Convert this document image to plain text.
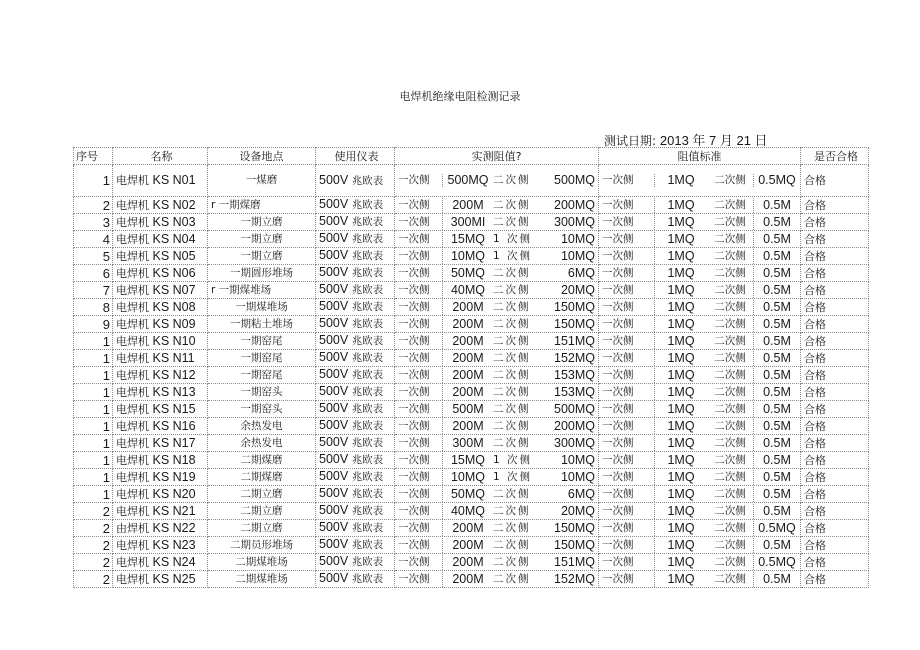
电焊机绝缘电阻检测记录
测试日期: 2013 年 7 月 21 日
序号	名称	设备地点	使用仪表	实测阻值?	阻值标准	是否合格
1	电焊机 KS N01	一煤磨	500V 兆欧表	一次侧 500MQ 二次侧 500MQ	一次侧 1MQ 二次侧 0.5MQ	合格
2	电焊机 KS N02	r 一期煤磨	500V 兆欧表	一次侧 200M 二次侧 200MQ	一次侧 1MQ 二次侧 0.5M	合格
3	电焊机 KS N03	一期立磨	500V 兆欧表	一次侧 300MI 二次侧 300MQ	一次侧 1MQ 二次侧 0.5M	合格
4	电焊机 KS N04	一期立磨	500V 兆欧表	一次侧 15MQ 1 次侧 10MQ	一次侧 1MQ 二次侧 0.5M	合格
5	电焊机 KS N05	一期立磨	500V 兆欧表	一次侧 10MQ 1 次侧 10MQ	一次侧 1MQ 二次侧 0.5M	合格
6	电焊机 KS N06	一期圆形堆场	500V 兆欧表	一次侧 50MQ 二次侧 6MQ	一次侧 1MQ 二次侧 0.5M	合格
7	电焊机 KS N07	r 一期煤堆场	500V 兆欧表	一次侧 40MQ 二次侧 20MQ	一次侧 1MQ 二次侧 0.5M	合格
8	电焊机 KS N08	一期煤堆场	500V 兆欧表	一次侧 200M 二次侧 150MQ	一次侧 1MQ 二次侧 0.5M	合格
9	电焊机 KS N09	一期粘土堆场	500V 兆欧表	一次侧 200M 二次侧 150MQ	一次侧 1MQ 二次侧 0.5M	合格
1	电焊机 KS N10	一期窑尾	500V 兆欧表	一次侧 200M 二次侧 151MQ	一次侧 1MQ 二次侧 0.5M	合格
1	电焊机 KS N11	一期窑尾	500V 兆欧表	一次侧 200M 二次侧 152MQ	一次侧 1MQ 二次侧 0.5M	合格
1	电焊机 KS N12	一期窑尾	500V 兆欧表	一次侧 200M 二次侧 153MQ	一次侧 1MQ 二次侧 0.5M	合格
1	电焊机 KS N13	一期窑头	500V 兆欧表	一次侧 200M 二次侧 153MQ	一次侧 1MQ 二次侧 0.5M	合格
1	电焊机 KS N15	一期窑头	500V 兆欧表	一次侧 500M 二次侧 500MQ	一次侧 1MQ 二次侧 0.5M	合格
1	电焊机 KS N16	余热发电	500V 兆欧表	一次侧 200M 二次侧 200MQ	一次侧 1MQ 二次侧 0.5M	合格
1	电焊机 KS N17	余热发电	500V 兆欧表	一次侧 300M 二次侧 300MQ	一次侧 1MQ 二次侧 0.5M	合格
1	电焊机 KS N18	二期煤磨	500V 兆欧表	一次侧 15MQ 1 次侧 10MQ	一次侧 1MQ 二次侧 0.5M	合格
1	电焊机 KS N19	二期煤磨	500V 兆欧表	一次侧 10MQ 1 次侧 10MQ	一次侧 1MQ 二次侧 0.5M	合格
1	电焊机 KS N20	二期立磨	500V 兆欧表	一次侧 50MQ 二次侧 6MQ	一次侧 1MQ 二次侧 0.5M	合格
2	电焊机 KS N21	二期立磨	500V 兆欧表	一次侧 40MQ 二次侧 20MQ	一次侧 1MQ 二次侧 0.5M	合格
2	由焊机 KS N22	二期立磨	500V 兆欧表	一次侧 200M 二次侧 150MQ	一次侧 1MQ 二次侧 0.5MQ	合格
2	电焊机 KS N23	二期员形堆场	500V 兆欧表	一次侧 200M 二次侧 150MQ	一次侧 1MQ 二次侧 0.5M	合格
2	电焊机 KS N24	二期煤堆场	500V 兆欧表	一次侧 200M 二次侧 151MQ	一次侧 1MQ 二次侧 0.5MQ	合格
2	电焊机 KS N25	二期煤堆场	500V 兆欧表	一次侧 200M 二次侧 152MQ	一次侧 1MQ 二次侧 0.5M	合格
